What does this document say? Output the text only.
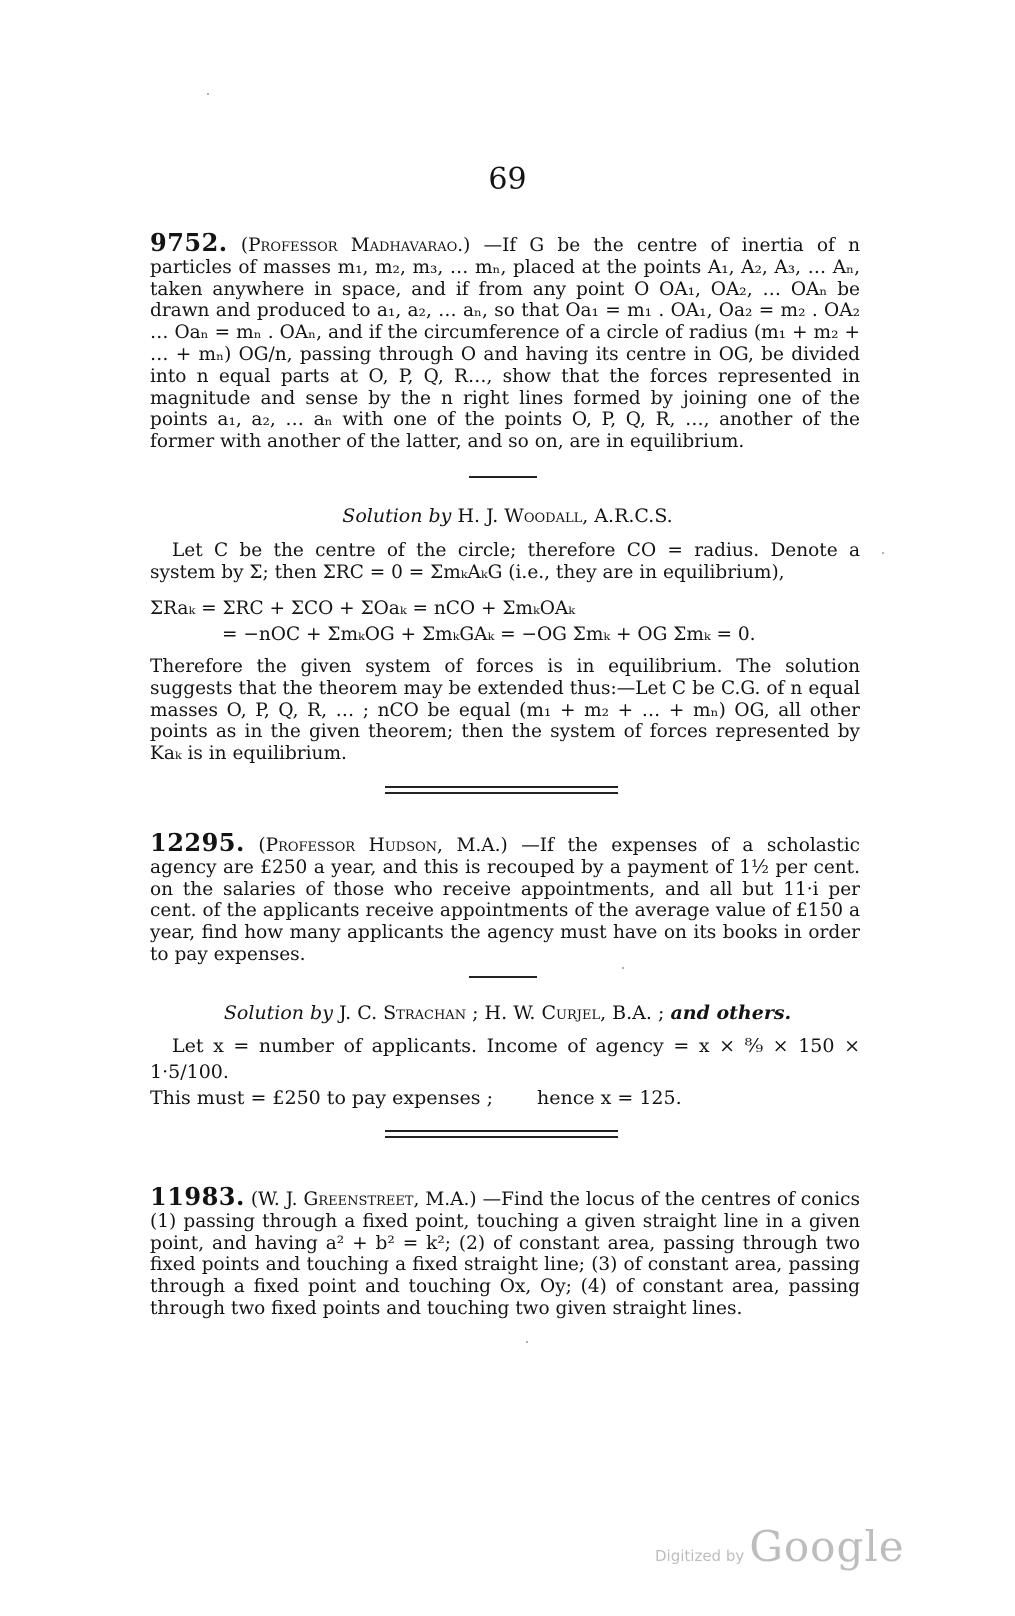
69
9752. (Professor Madhavarao.) —If G be the centre of inertia of n particles of masses m₁, m₂, m₃, … mₙ, placed at the points A₁, A₂, A₃, … Aₙ, taken anywhere in space, and if from any point O OA₁, OA₂, … OAₙ be drawn and produced to a₁, a₂, … aₙ, so that Oa₁ = m₁ . OA₁, Oa₂ = m₂ . OA₂ … Oaₙ = mₙ . OAₙ, and if the circumference of a circle of radius (m₁ + m₂ + … + mₙ) OG/n, passing through O and having its centre in OG, be divided into n equal parts at O, P, Q, R…, show that the forces represented in magnitude and sense by the n right lines formed by joining one of the points a₁, a₂, … aₙ with one of the points O, P, Q, R, …, another of the former with another of the latter, and so on, are in equilibrium.
Solution by H. J. Woodall, A.R.C.S.

Let C be the centre of the circle; therefore CO = radius. Denote a system by Σ; then ΣRC = 0 = ΣmₖAₖG (i.e., they are in equilibrium),

ΣRaₖ = ΣRC + ΣCO + ΣOaₖ = nCO + ΣmₖOAₖ
= −nOC + ΣmₖOG + ΣmₖGAₖ = −OG Σmₖ + OG Σmₖ = 0.

Therefore the given system of forces is in equilibrium. The solution suggests that the theorem may be extended thus:—Let C be C.G. of n equal masses O, P, Q, R, … ; nCO be equal (m₁ + m₂ + … + mₙ) OG, all other points as in the given theorem; then the system of forces represented by Kaₖ is in equilibrium.

12295. (Professor Hudson, M.A.) —If the expenses of a scholastic agency are £250 a year, and this is recouped by a payment of 1½ per cent. on the salaries of those who receive appointments, and all but 11·i per cent. of the applicants receive appointments of the average value of £150 a year, find how many applicants the agency must have on its books in order to pay expenses.
Solution by J. C. Strachan ; H. W. Curjel, B.A. ; and others.

Let x = number of applicants. Income of agency = x × ⁸⁄₉ × 150 × 1·5/100.

This must = £250 to pay expenses ; hence x = 125.

11983. (W. J. Greenstreet, M.A.) —Find the locus of the centres of conics (1) passing through a fixed point, touching a given straight line in a given point, and having a² + b² = k²; (2) of constant area, passing through two fixed points and touching a fixed straight line; (3) of constant area, passing through a fixed point and touching Ox, Oy; (4) of constant area, passing through two fixed points and touching two given straight lines.
Digitized by Google
